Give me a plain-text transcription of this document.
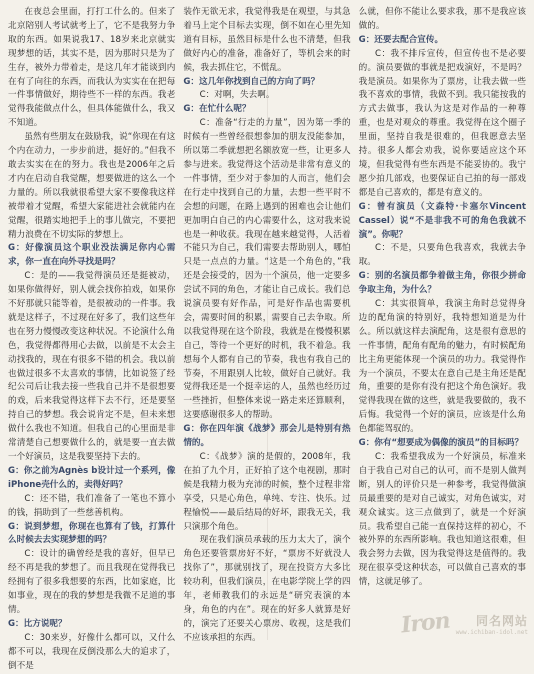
在夜总会里面，打打工什么的。但来了北京陪别人考试就考上了，它不是我努力争取的东西。如果说我17、18岁来北京就实现梦想的话，其实不是，因为那时只是为了生存，被外力带着走，是这几年才能谈到内在有了向往的东西，而我认为实实在在把每一件事情做好，期待些不一样的东西。我老觉得我能做点什么，但具体能做什么，我又不知道。

虽然有些朋友在鼓励我，说“你现在有这个内在动力，一步步前进，挺好的。”但我不敢去实实在在的努力。我也是2006年之后才内在启动自我觉醒，想要做进的这么一个力量的。所以我就很希望大家不要像我这样被带着才觉醒，希望大家能进社会就能内在觉醒，很踏实地把手上的事儿做完，不要把精力浪费在不切实际的梦想上。

G：好像演员这个职业没法满足你内心需求，你一直在向外寻找是吗？

C：是的——我觉得演员还是挺被动，如果你做得好，别人就会找你拍戏，如果你不好那就只能等着，是很被动的一件事。我就是这样子，不过现在好多了，我们这些年也在努力慢慢改变这种状况。不论演什么角色，我觉得都得用心去做，以前是不太会主动找我的，现在有很多不错的机会。我以前也做过很多不太喜欢的事情，比如说签了经纪公司后让我去接一些我自己并不是很想要的戏，后来我觉得这样下去不行，还是要坚持自己的梦想。我会说肯定不是，但未来想做什么我也不知道。但我自己的心里面是非常清楚自己想要做什么的，就是要一直去做一个好演员，这是我要坚持下去的。

G：你之前为Agnès b设计过一个系列，像iPhone壳什么的，卖得好吗？

C：还不错，我们准备了一笔也不算小的钱，捐助到了一些慈善机构。

G：说到梦想，你现在也算有了钱，打算什么时候去去实现梦想的吗？

C：设计的确曾经是我的喜好，但早已经不再是我的梦想了。而且我现在觉得我已经拥有了很多我想要的东西，比如家庭，比如事业，现在的我的梦想是我微不足道的事情。

G：比方说呢？

C：30来岁，好像什么都可以，又什么都不可以，我现在反倒没那么大的追求了，倒不是

装作无欲无求，我觉得我是在观望，与其急着马上定个目标去实现，倒不如在心里先知道有目标，虽然目标是什么也不清楚，但我做好内心的准备，准备好了，等机会来的时候，我去抓住它，不慌乱。

G：这几年你找到自己的方向了吗？

C：对啊，失去啊。

G：在忙什么呢？

C：准备“行走的力量”，因为第一季的时候有一些曾经很想参加的朋友没能参加，所以第二季就想把名额放宽一些，让更多人参与进来。我觉得这个活动是非常有意义的一件事情，至少对于参加的人而言，他们会在行走中找到自己的力量，去想一些平时不会想的问题，在路上遇到的困难也会让他们更加明白自己的内心需要什么，这对我来说也是一种收获。我现在越来越觉得，人活着不能只为自己，我们需要去帮助别人，哪怕只是一点点的力量。“这是一个角色的，”我还是会接受的，因为一个演员，他一定要多尝试不同的角色，才能让自己成长。我们总说演员要有好作品，可是好作品也需要机会，需要时间的积累，需要自己去争取。所以我觉得现在这个阶段，我就是在慢慢积累自己，等待一个更好的时机，我不着急。我想每个人都有自己的节奏，我也有我自己的节奏，不用跟别人比较，做好自己就好。我觉得我还是一个挺幸运的人，虽然也经历过一些挫折，但整体来说一路走来还算顺利，这要感谢很多人的帮助。

G：你在四年演《战梦》那会儿是特别有热情的。

C：《战梦》演的是假的，2008年，我在拍了九个月，正好拍了这个电视剧，那时候是我精力极为充沛的时候，整个过程非常享受，只是心角色，单纯、专注、快乐。过程愉悦——最后结局的好坏，跟我无关，我只演那个角色。

现在我们演员承载的压力太大了，演个角色还要管票房好不好，“票房不好就没人找你了”，那就别找了，现在投资方大多比较功利，但我们演员，在电影学院上学的四年，老师教我们的永远是“研究表演的本身，角色的内在”。现在的好多人就算是好的，演完了还要关心票房、收视，这是我们不应该承担的东西。

么就，但你不能让么要求我，那不是我应该做的。

G：还要去配合宣传。

C：我不排斥宣传，但宣传也不是必要的。演员要做的事就是把戏演好，不是吗？我是演员。如果你为了票房，让我去做一些我不喜欢的事情，我做不到。我只能按我的方式去做事，我认为这是对作品的一种尊重，也是对观众的尊重。我觉得在这个圈子里面，坚持自我是很难的，但我愿意去坚持。很多人都会劝我，说你要适应这个环境，但我觉得有些东西是不能妥协的。我宁愿少拍几部戏，也要保证自己拍的每一部戏都是自己喜欢的，都是有意义的。

G：曾有演员（文森特·卡塞尔Vincent Cassel）说“不是非我不可的角色我就不演”。你呢？

C：不是，只要角色我喜欢，我就去争取。

G：别的名演员都争着做主角，你很少拼命争取主角，为什么？

C：其实很简单，我演主角时总觉得身边的配角演的特别好，我特想知道是为什么。所以就这样去演配角，这是很有意思的一件事情，配角有配角的魅力，有时候配角比主角更能体现一个演员的功力。我觉得作为一个演员，不要太在意自己是主角还是配角，重要的是你有没有把这个角色演好。我觉得我现在做的这些，就是我要做的，我不后悔。我觉得一个好的演员，应该是什么角色都能驾驭的。

G：你有“想要成为偶像的演员”的目标吗？

C：我希望我成为一个好演员，标准来自于我自己对自己的认可，而不是别人做判断，别人的评价只是一种参考，我觉得做演员最重要的是对自己诚实，对角色诚实，对观众诚实。这三点做到了，就是一个好演员。我希望自己能一直保持这样的初心，不被外界的东西所影响。我也知道这很难，但我会努力去做，因为我觉得这是值得的。我现在很享受这种状态，可以做自己喜欢的事情，这就足够了。

Iron 同名网站
www.ichiban-idol.net
